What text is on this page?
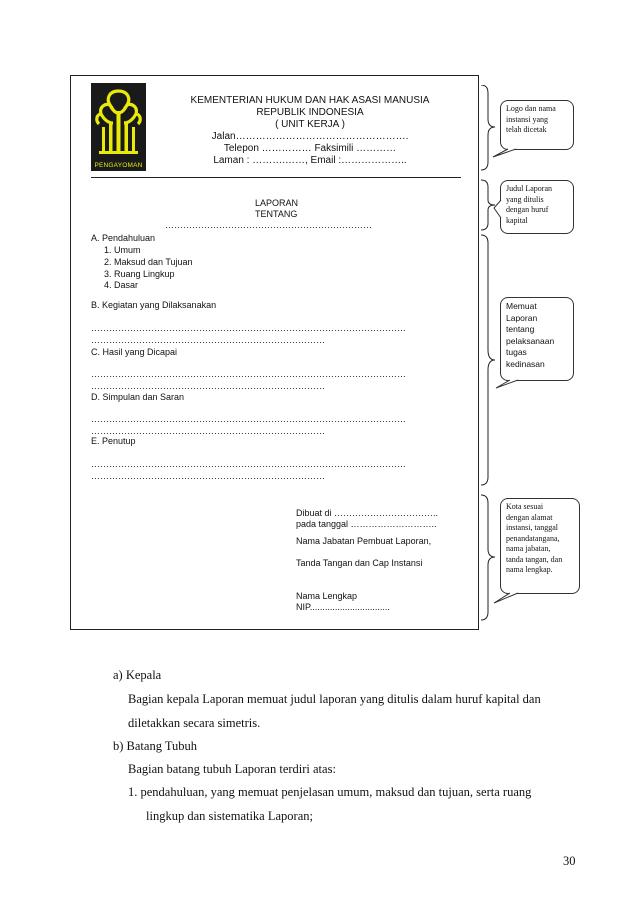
PENGAYOMAN
KEMENTERIAN HUKUM DAN HAK ASASI MANUSIA
REPUBLIK INDONESIA
( UNIT KERJA )
Jalan…………………………………………….
Telepon …………… Faksimili …………
Laman : ……….……, Email :………………..
LAPORAN
TENTANG
……………………………………………………………
A. Pendahuluan
1. Umum
2. Maksud dan Tujuan
3. Ruang Lingkup
4. Dasar
B. Kegiatan yang Dilaksanakan
……………………………………………………………………………………………
……………………………………………………………………
C. Hasil yang Dicapai
……………………………………………………………………………………………
……………………………………………………………………
D. Simpulan dan Saran
……………………………………………………………………………………………
……………………………………………………………………
E. Penutup
……………………………………………………………………………………………
……………………………………………………………………
Dibuat di ……………………………..
pada tanggal ………………………..
Nama Jabatan Pembuat Laporan,
Tanda Tangan dan Cap Instansi
Nama Lengkap
NIP................................
Logo dan nama
instansi yang
telah dicetak
Judul Laporan
yang ditulis
dengan huruf
kapital
Memuat
Laporan
tentang
pelaksanaan
tugas
kedinasan
Kota sesuai
dengan alamat
instansi, tanggal
penandatangana,
nama jabatan,
tanda tangan, dan
nama lengkap.
a) Kepala
Bagian kepala Laporan memuat judul laporan yang ditulis dalam huruf kapital dan
diletakkan secara simetris.
b) Batang Tubuh
Bagian batang tubuh Laporan terdiri atas:
1. pendahuluan, yang memuat penjelasan umum, maksud dan tujuan, serta ruang
lingkup dan sistematika Laporan;
30
